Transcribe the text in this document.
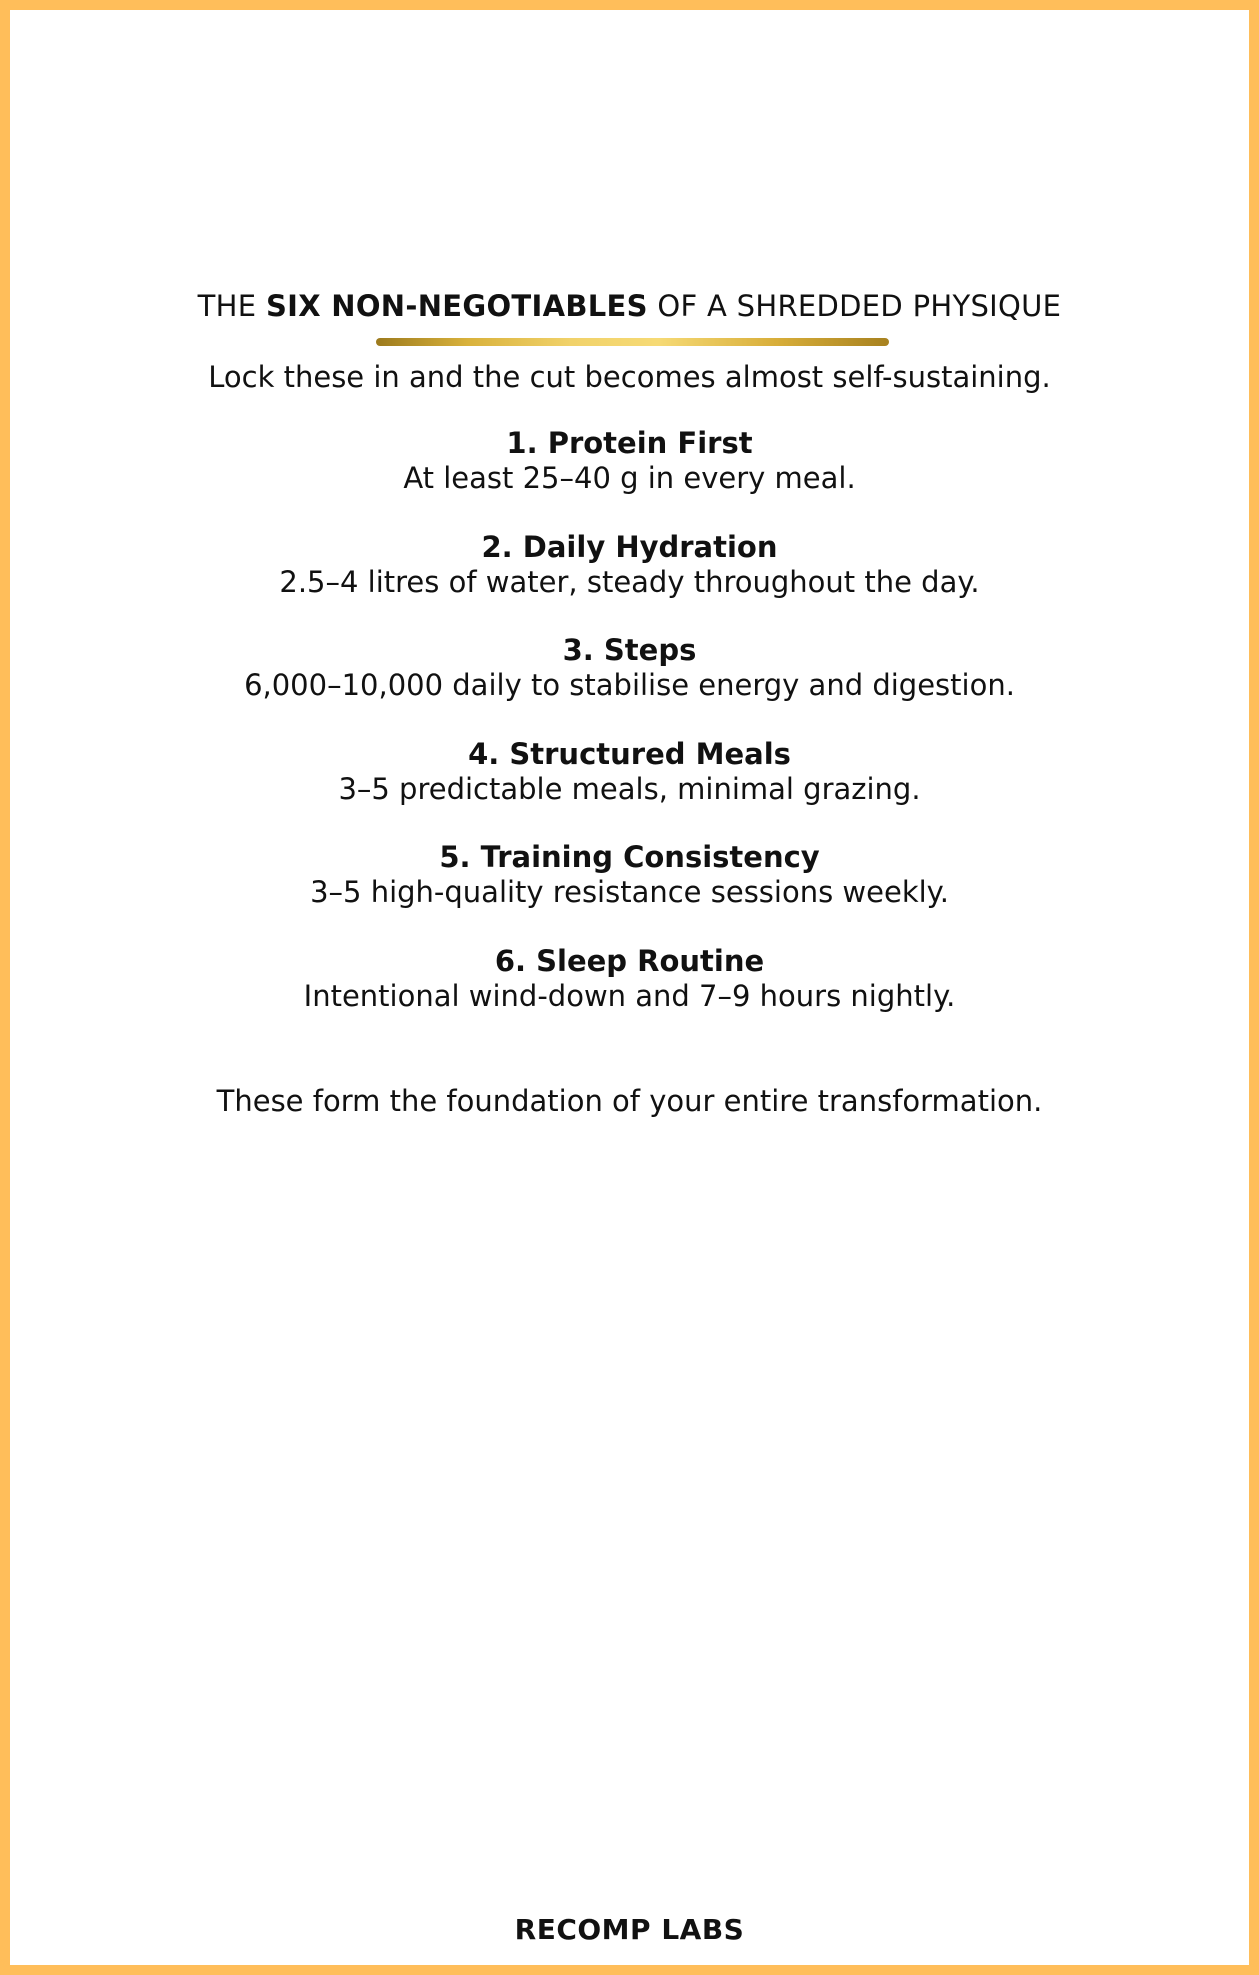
THE SIX NON-NEGOTIABLES OF A SHREDDED PHYSIQUE
Lock these in and the cut becomes almost self-sustaining.
1. Protein First
At least 25–40 g in every meal.
2. Daily Hydration
2.5–4 litres of water, steady throughout the day.
3. Steps
6,000–10,000 daily to stabilise energy and digestion.
4. Structured Meals
3–5 predictable meals, minimal grazing.
5. Training Consistency
3–5 high-quality resistance sessions weekly.
6. Sleep Routine
Intentional wind-down and 7–9 hours nightly.
These form the foundation of your entire transformation.
RECOMP LABS
